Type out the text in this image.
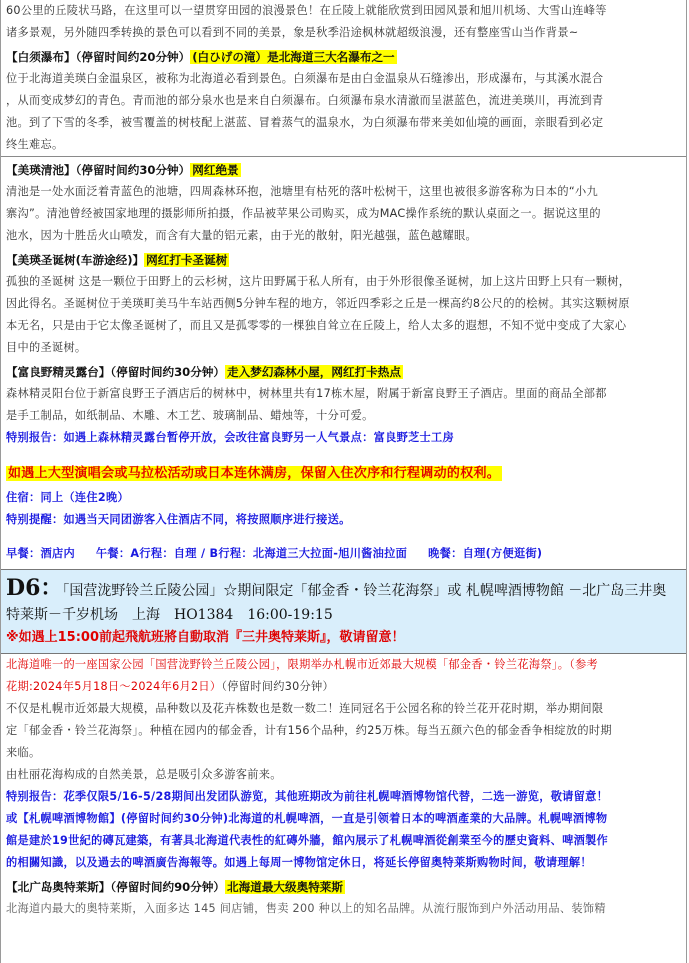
60公里的丘陵状马路，在这里可以一望贯穿田园的浪漫景色！在丘陵上就能欣赏到田园风景和旭川机场、大雪山连峰等

诸多景观，另外随四季转换的景色可以看到不同的美景，象是秋季沿途枫林就超级浪漫，还有整座雪山当作背景~

【白须瀑布】（停留时间约20分钟） (白ひげの滝）是北海道三大名瀑布之一

位于北海道美瑛白金温泉区，被称为北海道必看到景色。白须瀑布是由白金温泉从石缝渗出，形成瀑布，与其溪水混合

，从而变成梦幻的青色。青而池的部分泉水也是来自白须瀑布。白须瀑布泉水清澈而呈湛蓝色，流进美瑛川，再流到青

池。到了下雪的冬季，被雪覆盖的树枝配上湛蓝、冒着蒸气的温泉水，为白须瀑布带来美如仙境的画面，亲眼看到必定

终生难忘。

【美瑛清池】（停留时间约30分钟） 网红绝景

清池是一处水面泛着青蓝色的池塘，四周森林环抱，池塘里有枯死的落叶松树干，这里也被很多游客称为日本的“小九

寨沟”。清池曾经被国家地理的摄影师所拍摄，作品被苹果公司购买，成为MAC操作系统的默认桌面之一。据说这里的

池水，因为十胜岳火山喷发，而含有大量的铝元素，由于光的散射，阳光越强，蓝色越耀眼。

【美瑛圣诞树(车游途经)】 网红打卡圣诞树

孤独的圣诞树 这是一颗位于田野上的云杉树，这片田野属于私人所有，由于外形很像圣诞树，加上这片田野上只有一颗树，

因此得名。圣诞树位于美瑛町美马牛车站西侧5分钟车程的地方，邻近四季彩之丘是一棵高约8公尺的的桧树。其实这颗树原

本无名，只是由于它太像圣诞树了，而且又是孤零零的一棵独自耸立在丘陵上，给人太多的遐想，不知不觉中变成了大家心

目中的圣诞树。

【富良野精灵露台】（停留时间约30分钟） 走入梦幻森林小屋，网红打卡热点

森林精灵阳台位于新富良野王子酒店后的树林中，树林里共有17栋木屋，附属于新富良野王子酒店。里面的商品全部都

是手工制品，如纸制品、木雕、木工艺、玻璃制品、蜡烛等，十分可爱。

特别报告：如遇上森林精灵露台暂停开放，会改往富良野另一人气景点：富良野芝士工房

如遇上大型演唱会或马拉松活动或日本连休满房，保留入住次序和行程调动的权利。

住宿：同上（连住2晚）

特别提醒：如遇当天同团游客入住酒店不同，将按照顺序进行接送。

早餐：酒店内 午餐：A行程：自理 / B行程：北海道三大拉面-旭川酱油拉面 晚餐：自理(方便逛街)

D6：「国营泷野铃兰丘陵公园」☆期间限定「郁金香・铃兰花海祭」或 札幌啤酒博物館 －北广岛三井奥
特莱斯－千岁机场　上海　HO1384　16:00-19:15
※如遇上15:00前起飛航班將自動取消『三井奥特莱斯』，敬请留意！

北海道唯一的一座国家公园「国营泷野铃兰丘陵公园」，限期举办札幌市近郊最大规模「郁金香・铃兰花海祭」。（参考

花期:2024年5月18日～2024年6月2日）（停留时间约30分钟）

不仅是札幌市近郊最大规模，品种数以及花卉株数也是数一数二！连同冠名于公园名称的铃兰花开花时期，举办期间限

定「郁金香・铃兰花海祭」。种植在园内的郁金香，计有156个品种，约25万株。每当五颜六色的郁金香争相绽放的时期

来临。

由杜丽花海构成的自然美景，总是吸引众多游客前来。

特别报告：花季仅限5/16-5/28期间出发团队游览，其他班期改为前往札幌啤酒博物馆代替，二选一游览，敬请留意！

或【札幌啤酒博物館】(停留时间约30分钟)北海道的札幌啤酒，一直是引领着日本的啤酒產業的大品牌。札幌啤酒博物

館是建於19世紀的磚瓦建築，有著具北海道代表性的紅磚外牆，館內展示了札幌啤酒從創業至今的歷史資料、啤酒製作

的相關知識，以及過去的啤酒廣告海報等。如遇上每周一博物馆定休日，将延长停留奥特莱斯购物时间，敬请理解！

【北广岛奥特莱斯】（停留时间约90分钟） 北海道最大级奥特莱斯

北海道内最大的奥特莱斯，入面多达 145 间店铺，售卖 200 种以上的知名品牌。从流行服饰到户外活动用品、装饰精
